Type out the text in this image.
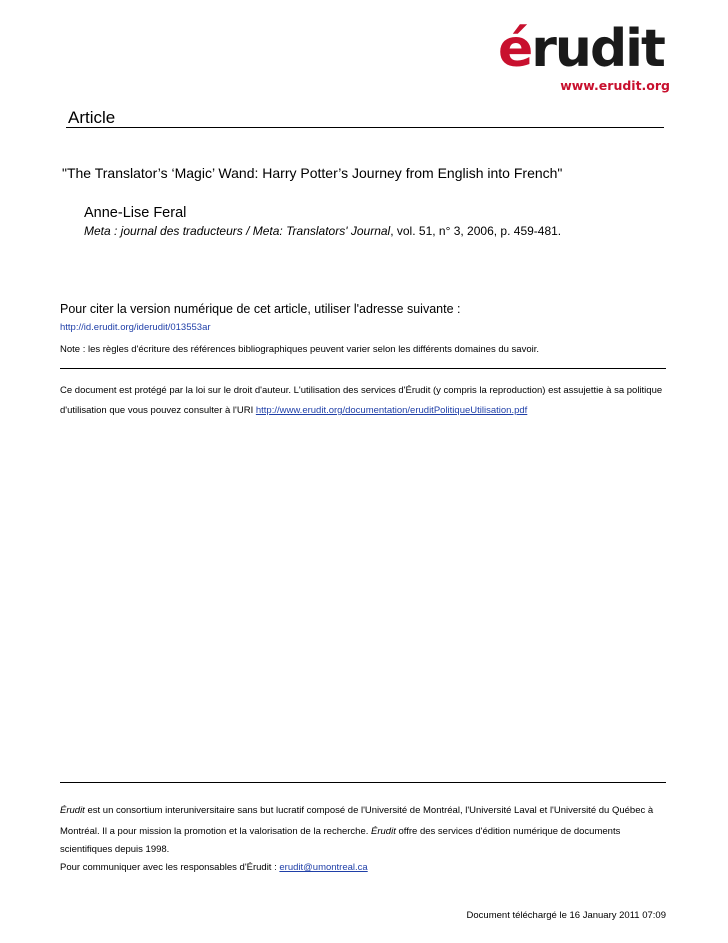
érudit
www.erudit.org
Article
"The Translator’s ‘Magic’ Wand: Harry Potter’s Journey from English into French"
Anne-Lise Feral
Meta : journal des traducteurs / Meta: Translators' Journal, vol. 51, n° 3, 2006, p. 459-481.
Pour citer la version numérique de cet article, utiliser l'adresse suivante :
http://id.erudit.org/iderudit/013553ar
Note : les règles d'écriture des références bibliographiques peuvent varier selon les différents domaines du savoir.
Ce document est protégé par la loi sur le droit d'auteur. L'utilisation des services d'Érudit (y compris la reproduction) est assujettie à sa politique
d'utilisation que vous pouvez consulter à l'URI http://www.erudit.org/documentation/eruditPolitiqueUtilisation.pdf
Érudit est un consortium interuniversitaire sans but lucratif composé de l'Université de Montréal, l'Université Laval et l'Université du Québec à
Montréal. Il a pour mission la promotion et la valorisation de la recherche. Érudit offre des services d'édition numérique de documents
scientifiques depuis 1998.
Pour communiquer avec les responsables d'Érudit : erudit@umontreal.ca
Document téléchargé le 16 January 2011 07:09
